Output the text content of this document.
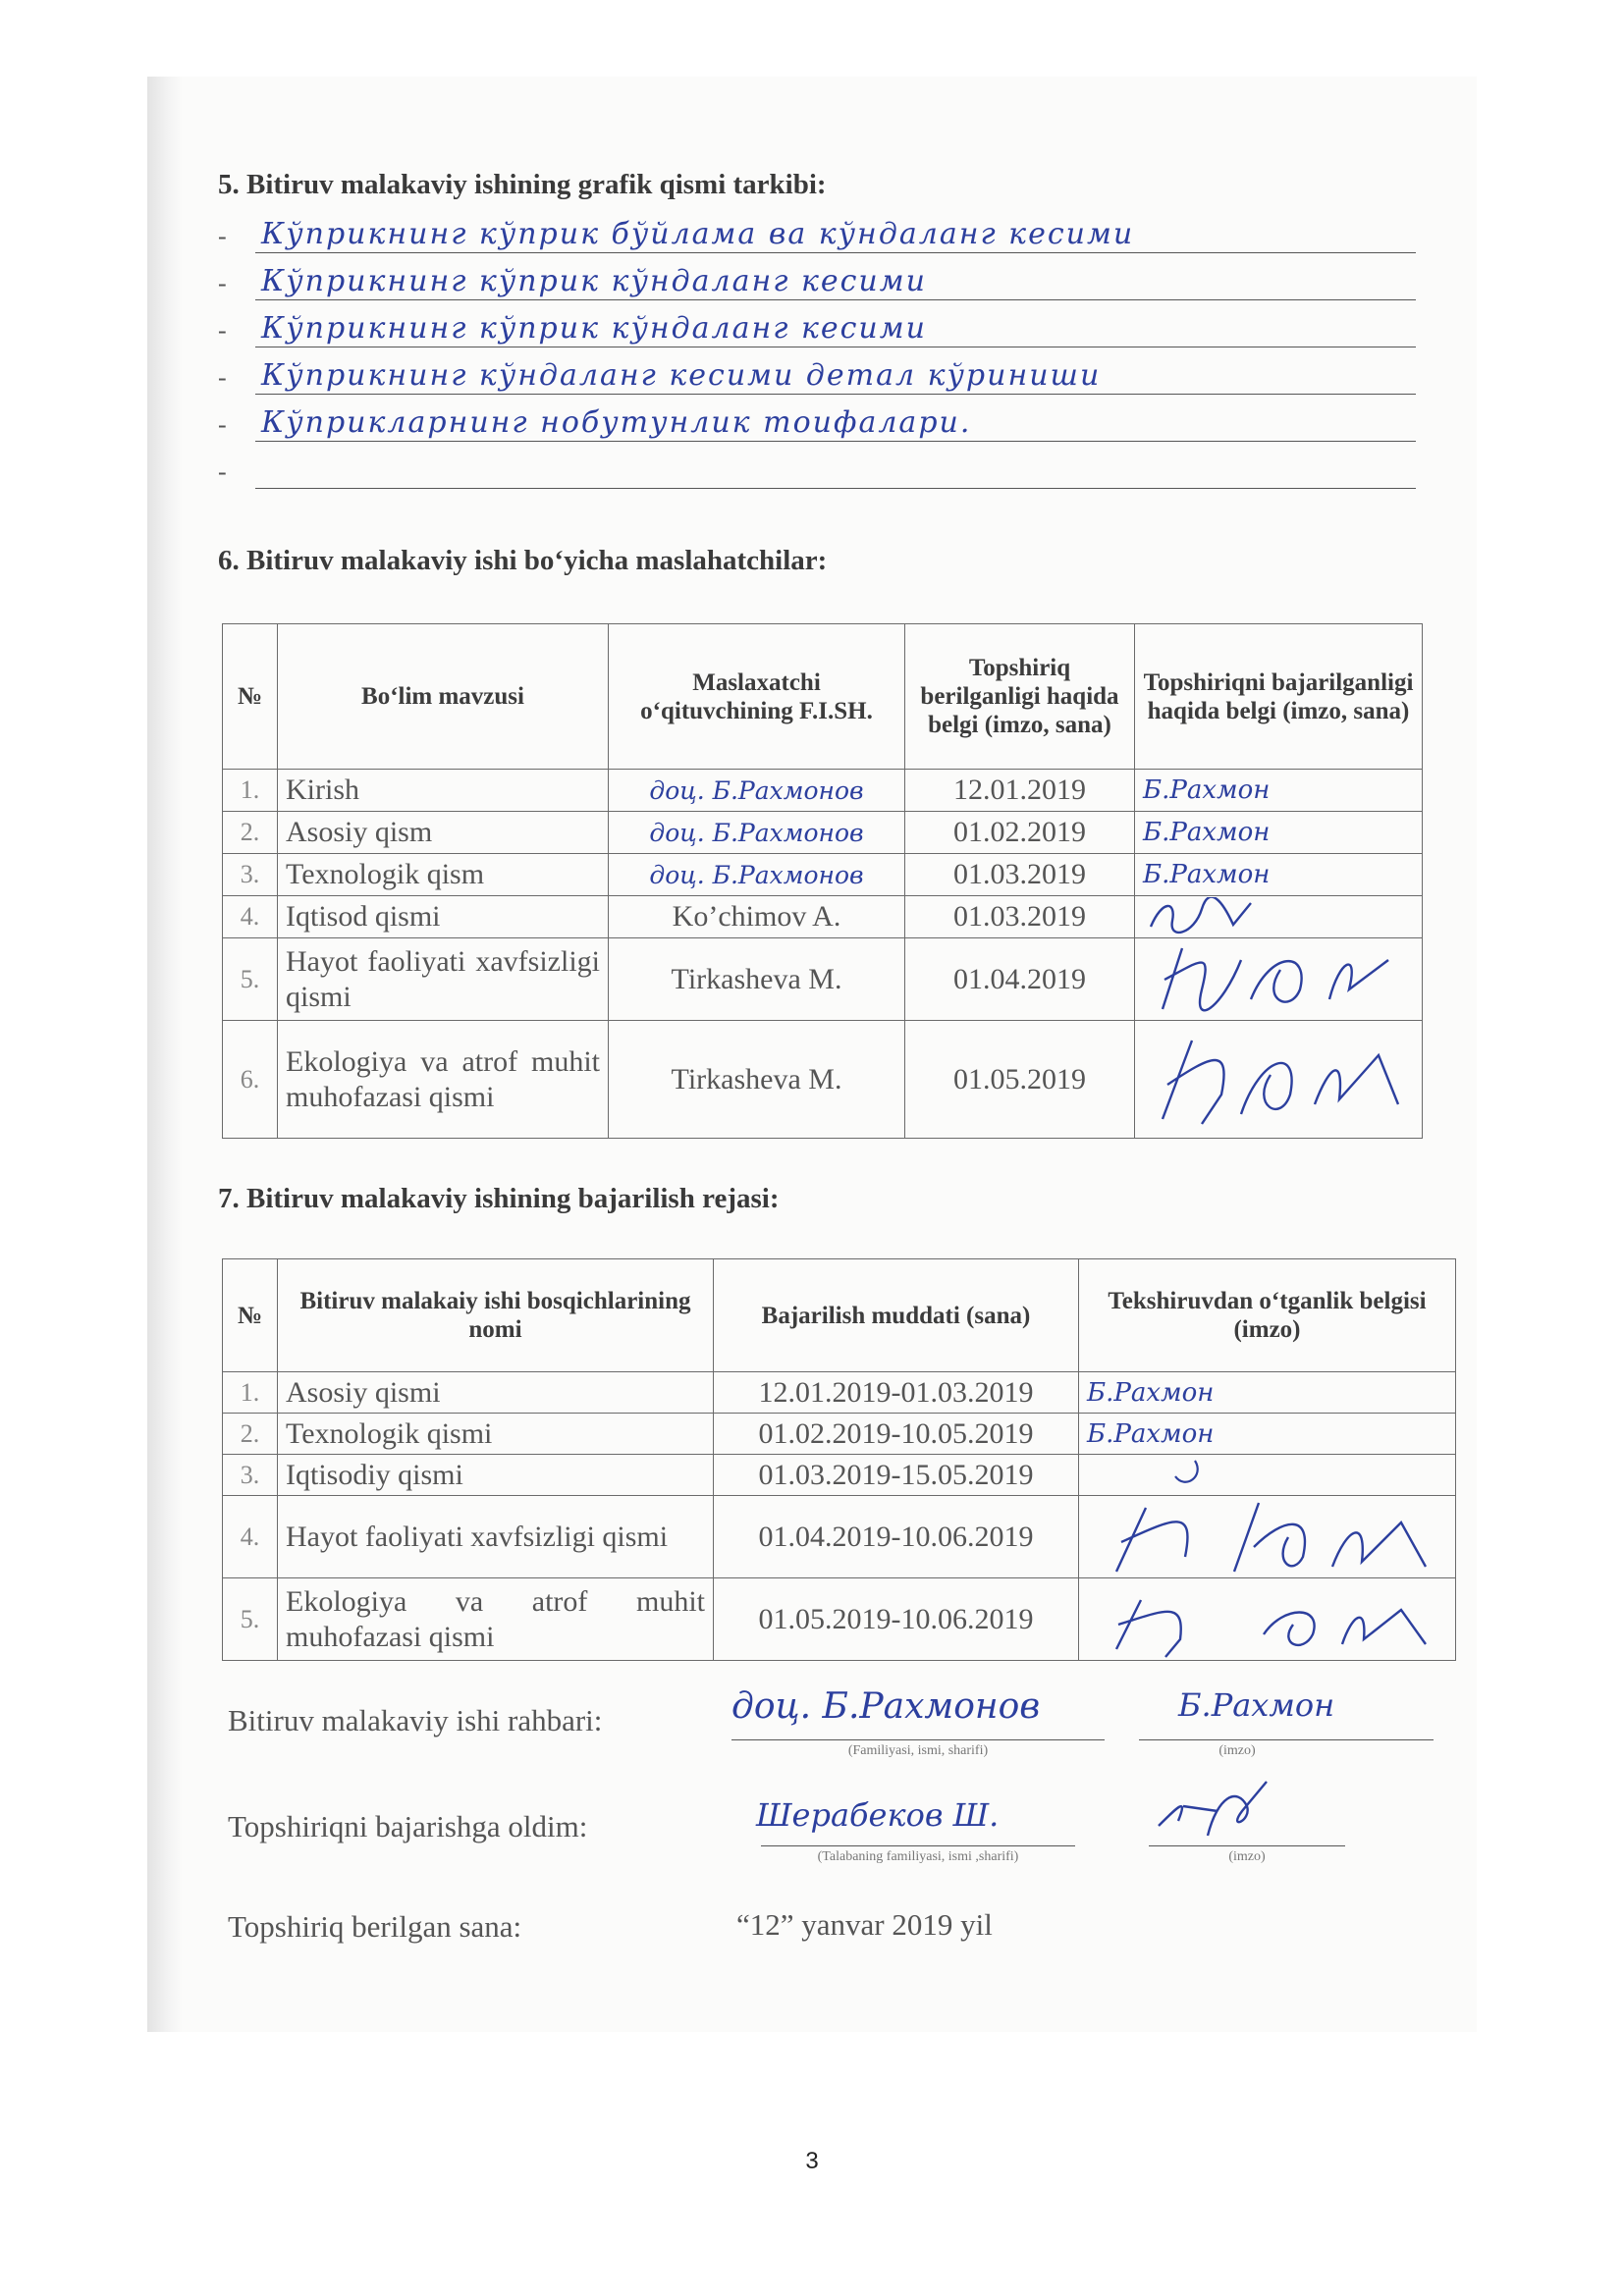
5. Bitiruv malakaviy ishining grafik qismi tarkibi:
- Кўприкнинг кўприк бўйлама ва кўндаланг кесими
- Кўприкнинг кўприк кўндаланг кесими
- Кўприкнинг кўприк кўндаланг кесими
- Кўприкнинг кўндаланг кесими детал кўриниши
- Кўприкларнинг нобутунлик тоифалари.
-
6. Bitiruv malakaviy ishi bo‘yicha maslahatchilar:
№	Bo‘lim mavzusi	Maslaxatchi o‘qituvchining F.I.SH.	Topshiriq berilganligi haqida belgi (imzo, sana)	Topshiriqni bajarilganligi haqida belgi (imzo, sana)
1.	Kirish	доц. Б.Рахмонов	12.01.2019	Б.Рахмон
2.	Asosiy qism	доц. Б.Рахмонов	01.02.2019	Б.Рахмон
3.	Texnologik qism	доц. Б.Рахмонов	01.03.2019	Б.Рахмон
4.	Iqtisod qismi	Ko’chimov A.	01.03.2019	

5.	Hayot faoliyati xavfsizligi qismi	Tirkasheva M.	01.04.2019	

6.	Ekologiya va atrof muhit muhofazasi qismi	Tirkasheva M.	01.05.2019	
7. Bitiruv malakaviy ishining bajarilish rejasi:
№	Bitiruv malakaiy ishi bosqichlarining nomi	Bajarilish muddati (sana)	Tekshiruvdan o‘tganlik belgisi (imzo)
1.	Asosiy qismi	12.01.2019-01.03.2019	Б.Рахмон
2.	Texnologik qismi	01.02.2019-10.05.2019	Б.Рахмон
3.	Iqtisodiy qismi	01.03.2019-15.05.2019	

4.	Hayot faoliyati xavfsizligi qismi	01.04.2019-10.06.2019	

5.	Ekologiya va atrof muhit muhofazasi qismi	01.05.2019-10.06.2019	
Bitiruv malakaviy ishi rahbari:	доц. Б.Рахмонов
(Familiyasi, ismi, sharifi)
Б.Рахмон
(imzo)
Topshiriqni bajarishga oldim:	Шерабеков Ш.
(Talabaning familiyasi, ismi ,sharifi)	(imzo)
Topshiriq berilgan sana:	“12” yanvar 2019 yil
3
